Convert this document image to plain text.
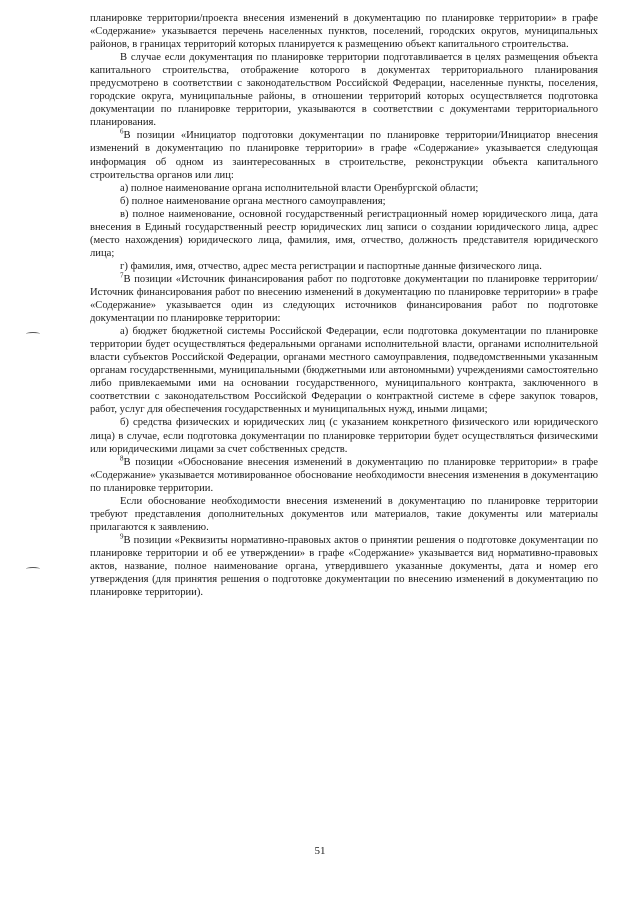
планировке территории/проекта внесения изменений в документацию по планировке территории» в графе «Содержание» указывается перечень населенных пунктов, поселений, городских округов, муниципальных районов, в границах территорий которых планируется к размещению объект капитального строительства.

В случае если документация по планировке территории подготавливается в целях размещения объекта капитального строительства, отображение которого в документах территориального планирования предусмотрено в соответствии с законодательством Российской Федерации, населенные пункты, поселения, городские округа, муниципальные районы, в отношении территорий которых осуществляется подготовка документации по планировке территории, указываются в соответствии с документами территориального планирования.

$^6$В позиции «Инициатор подготовки документации по планировке территории/Инициатор внесения изменений в документацию по планировке территории» в графе «Содержание» указывается следующая информация об одном из заинтересованных в строительстве, реконструкции объекта капитального строительства органов или лиц:

а) полное наименование органа исполнительной власти Оренбургской области;

б) полное наименование органа местного самоуправления;

в) полное наименование, основной государственный регистрационный номер юридического лица, дата внесения в Единый государственный реестр юридических лиц записи о создании юридического лица, адрес (место нахождения) юридического лица, фамилия, имя, отчество, должность представителя юридического лица;

г) фамилия, имя, отчество, адрес места регистрации и паспортные данные физического лица.

$^7$В позиции «Источник финансирования работ по подготовке документации по планировке территории/Источник финансирования работ по внесению изменений в документацию по планировке территории» в графе «Содержание» указывается один из следующих источников финансирования работ по подготовке документации по планировке территории:

а) бюджет бюджетной системы Российской Федерации, если подготовка документации по планировке территории будет осуществляться федеральными органами исполнительной власти, органами исполнительной власти субъектов Российской Федерации, органами местного самоуправления, подведомственными указанным органам государственными, муниципальными (бюджетными или автономными) учреждениями самостоятельно либо привлекаемыми ими на основании государственного, муниципального контракта, заключенного в соответствии с законодательством Российской Федерации о контрактной системе в сфере закупок товаров, работ, услуг для обеспечения государственных и муниципальных нужд, иными лицами;

б) средства физических и юридических лиц (с указанием конкретного физического или юридического лица) в случае, если подготовка документации по планировке территории будет осуществляться физическими или юридическими лицами за счет собственных средств.

$^8$В позиции «Обоснование внесения изменений в документацию по планировке территории» в графе «Содержание» указывается мотивированное обоснование необходимости внесения изменения в документацию по планировке территории.

Если обоснование необходимости внесения изменений в документацию по планировке территории требуют представления дополнительных документов или материалов, такие документы или материалы прилагаются к заявлению.

$^9$В позиции «Реквизиты нормативно-правовых актов о принятии решения о подготовке документации по планировке территории и об ее утверждении» в графе «Содержание» указывается вид нормативно-правовых актов, название, полное наименование органа, утвердившего указанные документы, дата и номер его утверждения (для принятия решения о подготовке документации по внесению изменений в документацию по планировке территории).

51
